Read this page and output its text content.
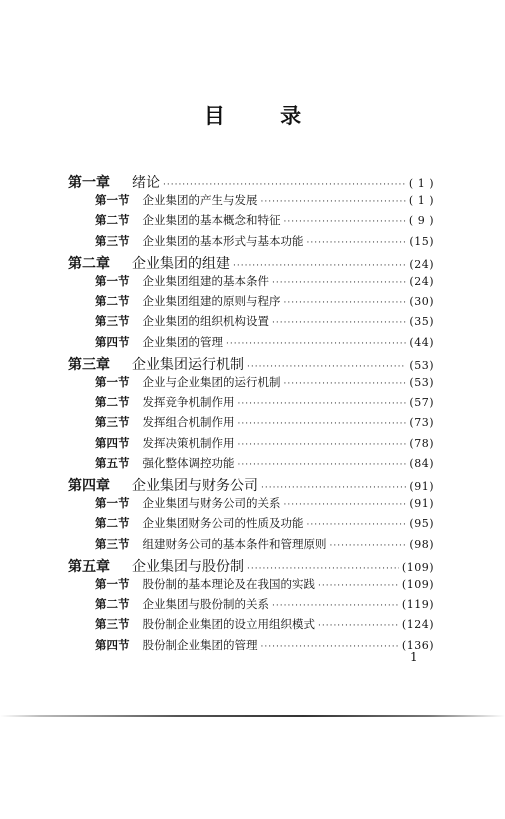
目 录
第一章 绪论 ·····	( 1 )
第一节 企业集团的产生与发展 ·····	( 1 )
第二节 企业集团的基本概念和特征 ·····	( 9 )
第三节 企业集团的基本形式与基本功能 ·····	(15)
第二章 企业集团的组建 ·····	(24)
第一节 企业集团组建的基本条件 ·····	(24)
第二节 企业集团组建的原则与程序 ·····	(30)
第三节 企业集团的组织机构设置 ·····	(35)
第四节 企业集团的管理 ·····	(44)
第三章 企业集团运行机制 ·····	(53)
第一节 企业与企业集团的运行机制 ·····	(53)
第二节 发挥竞争机制作用 ·····	(57)
第三节 发挥组合机制作用 ·····	(73)
第四节 发挥决策机制作用 ·····	(78)
第五节 强化整体调控功能 ·····	(84)
第四章 企业集团与财务公司 ·····	(91)
第一节 企业集团与财务公司的关系 ·····	(91)
第二节 企业集团财务公司的性质及功能 ·····	(95)
第三节 组建财务公司的基本条件和管理原则 ·····	(98)
第五章 企业集团与股份制 ·····	(109)
第一节 股份制的基本理论及在我国的实践 ·····	(109)
第二节 企业集团与股份制的关系 ·····	(119)
第三节 股份制企业集团的设立用组织模式 ·····	(124)
第四节 股份制企业集团的管理 ·····	(136)
1
